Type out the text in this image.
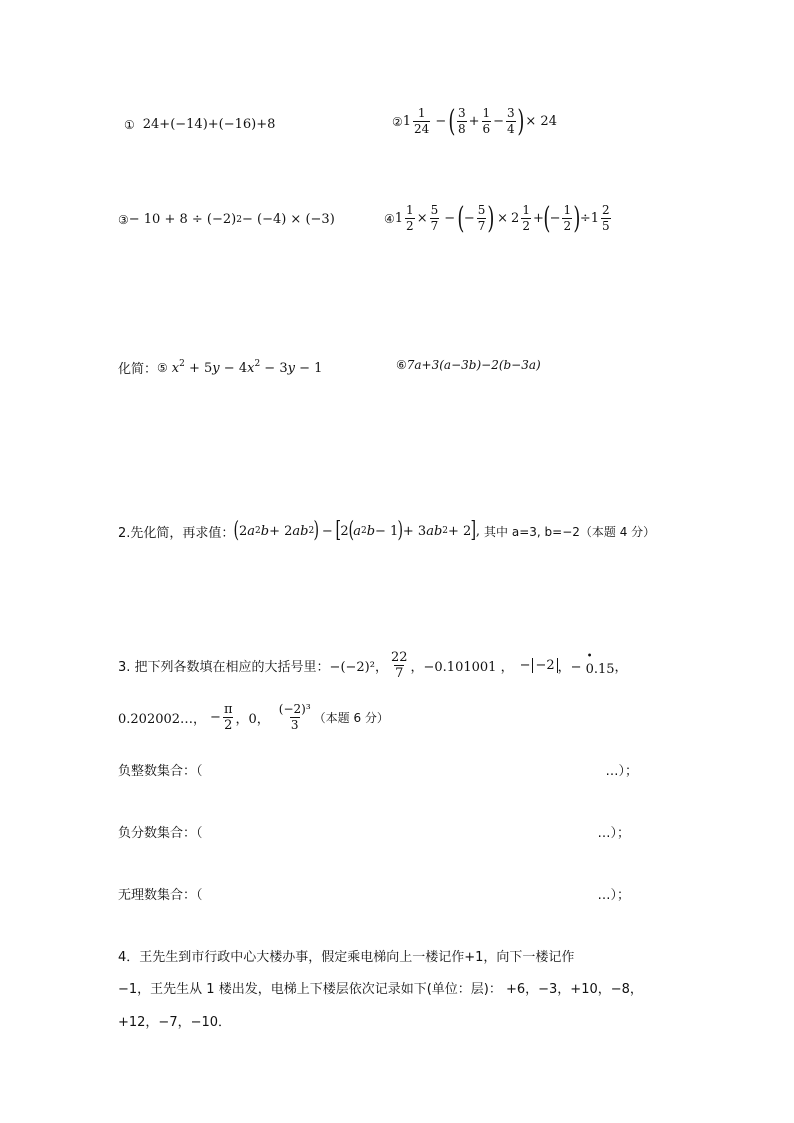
① 24+(−14)+(−16)+8	② $1 \frac{1}{24}$ − ( $\frac{3}{8} + \frac{1}{6} - \frac{3}{4}$ ) × 24
③ − 10 + 8 ÷ (−2) 2 − (−4) × (−3)	④ $1 \frac{1}{2} \times \frac{5}{7}$ − ( − $\frac{5}{7}$ ) × $2 \frac{1}{2}$ + ( − $\frac{1}{2}$ ) ÷ $1 \frac{2}{5}$
化简： ⑤ $x^2 + 5y - 4x^2 - 3y - 1$	⑥ 7a+3(a−3b)−2(b−3a)
2.先化简，再求值： ( 2 a 2 b + 2 ab 2 ) − [ 2 ( a 2 b − 1 ) + 3 ab 2 + 2 ] , 其中 a=3, b=−2（本题 4 分）
3. 把下列各数填在相应的大括号里： −(−2)²， $\frac{22}{7}$ ，−0.101001 ， − −2 ，−
• 0.15 ，
0.202002…， − $\frac{\pi}{2}$ ，0， $\frac{\text{(−2)³}}{3}$ （本题 6 分）
负整数集合：（	…）；
负分数集合：（	…）；
无理数集合：（	…）；
4．王先生到市行政中心大楼办事，假定乘电梯向上一楼记作+1，向下一楼记作
−1，王先生从 1 楼出发，电梯上下楼层依次记录如下(单位：层)： +6，−3，+10，−8，
+12，−7，−10．
